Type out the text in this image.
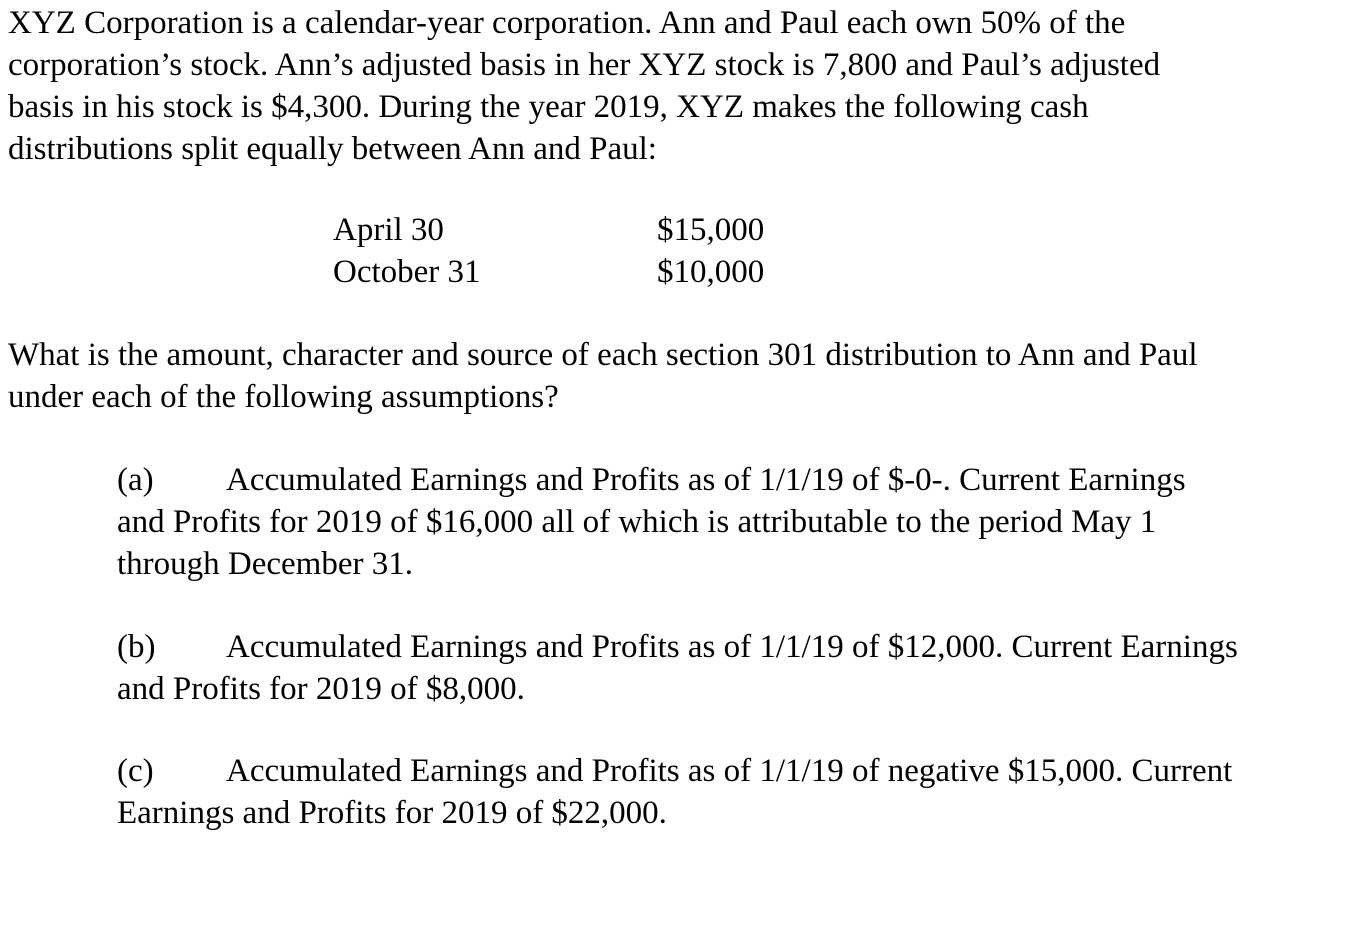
XYZ Corporation is a calendar-year corporation. Ann and Paul each own 50% of the
corporation’s stock. Ann’s adjusted basis in her XYZ stock is 7,800 and Paul’s adjusted
basis in his stock is $4,300. During the year 2019, XYZ makes the following cash
distributions split equally between Ann and Paul:

April 30	$15,000
October 31	$10,000

What is the amount, character and source of each section 301 distribution to Ann and Paul
under each of the following assumptions?

(a) Accumulated Earnings and Profits as of 1/1/19 of $-0-. Current Earnings
and Profits for 2019 of $16,000 all of which is attributable to the period May 1
through December 31.
(b) Accumulated Earnings and Profits as of 1/1/19 of $12,000. Current Earnings
and Profits for 2019 of $8,000.
(c) Accumulated Earnings and Profits as of 1/1/19 of negative $15,000. Current
Earnings and Profits for 2019 of $22,000.
